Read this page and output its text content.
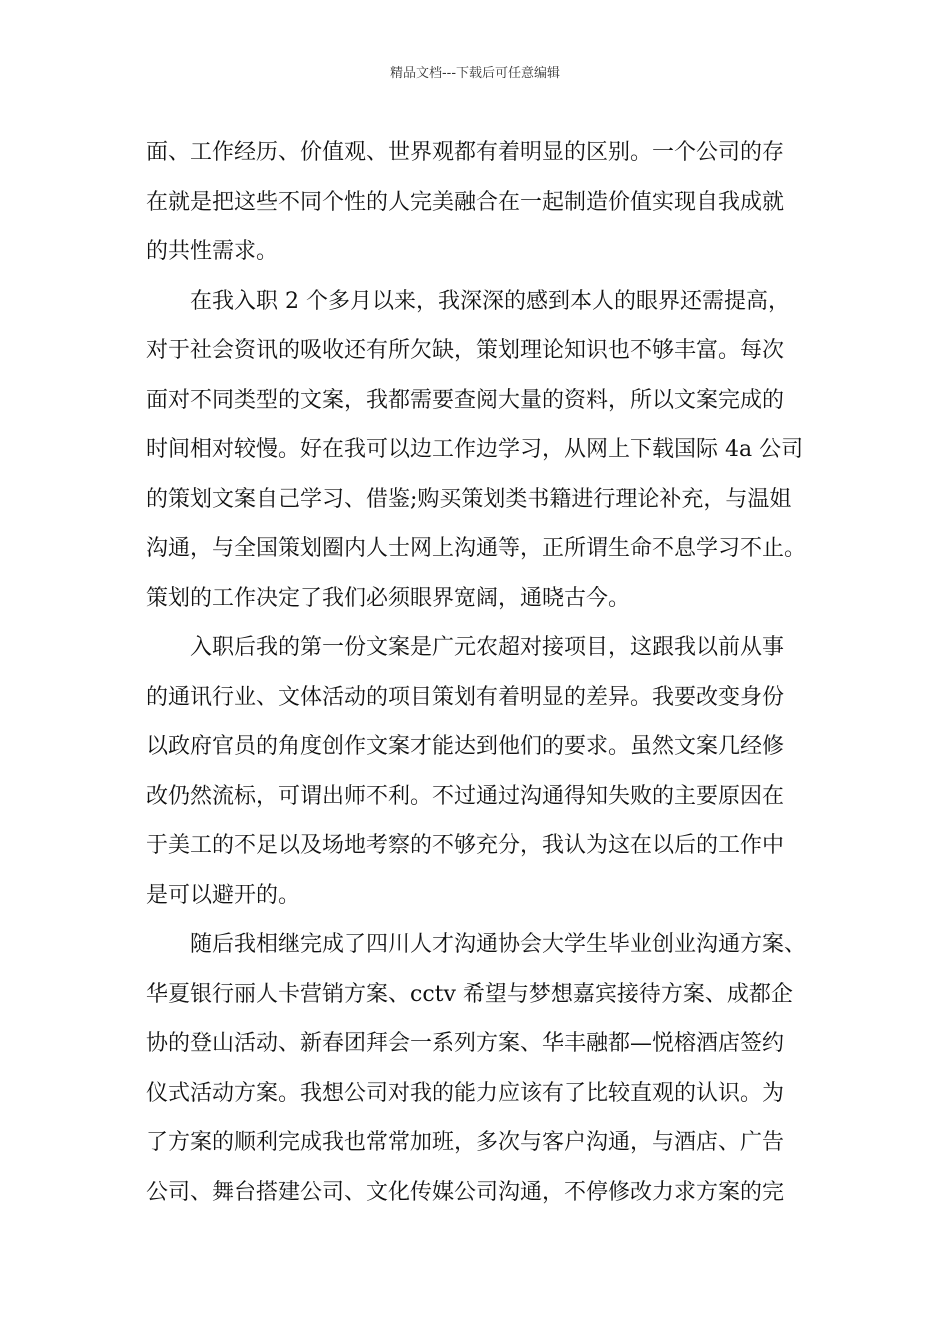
精品文档---下载后可任意编辑
面、工作经历、价值观、世界观都有着明显的区别。一个公司的存
在就是把这些不同个性的人完美融合在一起制造价值实现自我成就
的共性需求。
在我入职 2 个多月以来，我深深的感到本人的眼界还需提高，
对于社会资讯的吸收还有所欠缺，策划理论知识也不够丰富。每次
面对不同类型的文案，我都需要查阅大量的资料，所以文案完成的
时间相对较慢。好在我可以边工作边学习，从网上下载国际 4a 公司
的策划文案自己学习、借鉴;购买策划类书籍进行理论补充，与温姐
沟通，与全国策划圈内人士网上沟通等，正所谓生命不息学习不止。
策划的工作决定了我们必须眼界宽阔，通晓古今。
入职后我的第一份文案是广元农超对接项目，这跟我以前从事
的通讯行业、文体活动的项目策划有着明显的差异。我要改变身份
以政府官员的角度创作文案才能达到他们的要求。虽然文案几经修
改仍然流标，可谓出师不利。不过通过沟通得知失败的主要原因在
于美工的不足以及场地考察的不够充分，我认为这在以后的工作中
是可以避开的。
随后我相继完成了四川人才沟通协会大学生毕业创业沟通方案、
华夏银行丽人卡营销方案、cctv 希望与梦想嘉宾接待方案、成都企
协的登山活动、新春团拜会一系列方案、华丰融都—悦榕酒店签约
仪式活动方案。我想公司对我的能力应该有了比较直观的认识。为
了方案的顺利完成我也常常加班，多次与客户沟通，与酒店、广告
公司、舞台搭建公司、文化传媒公司沟通，不停修改力求方案的完
